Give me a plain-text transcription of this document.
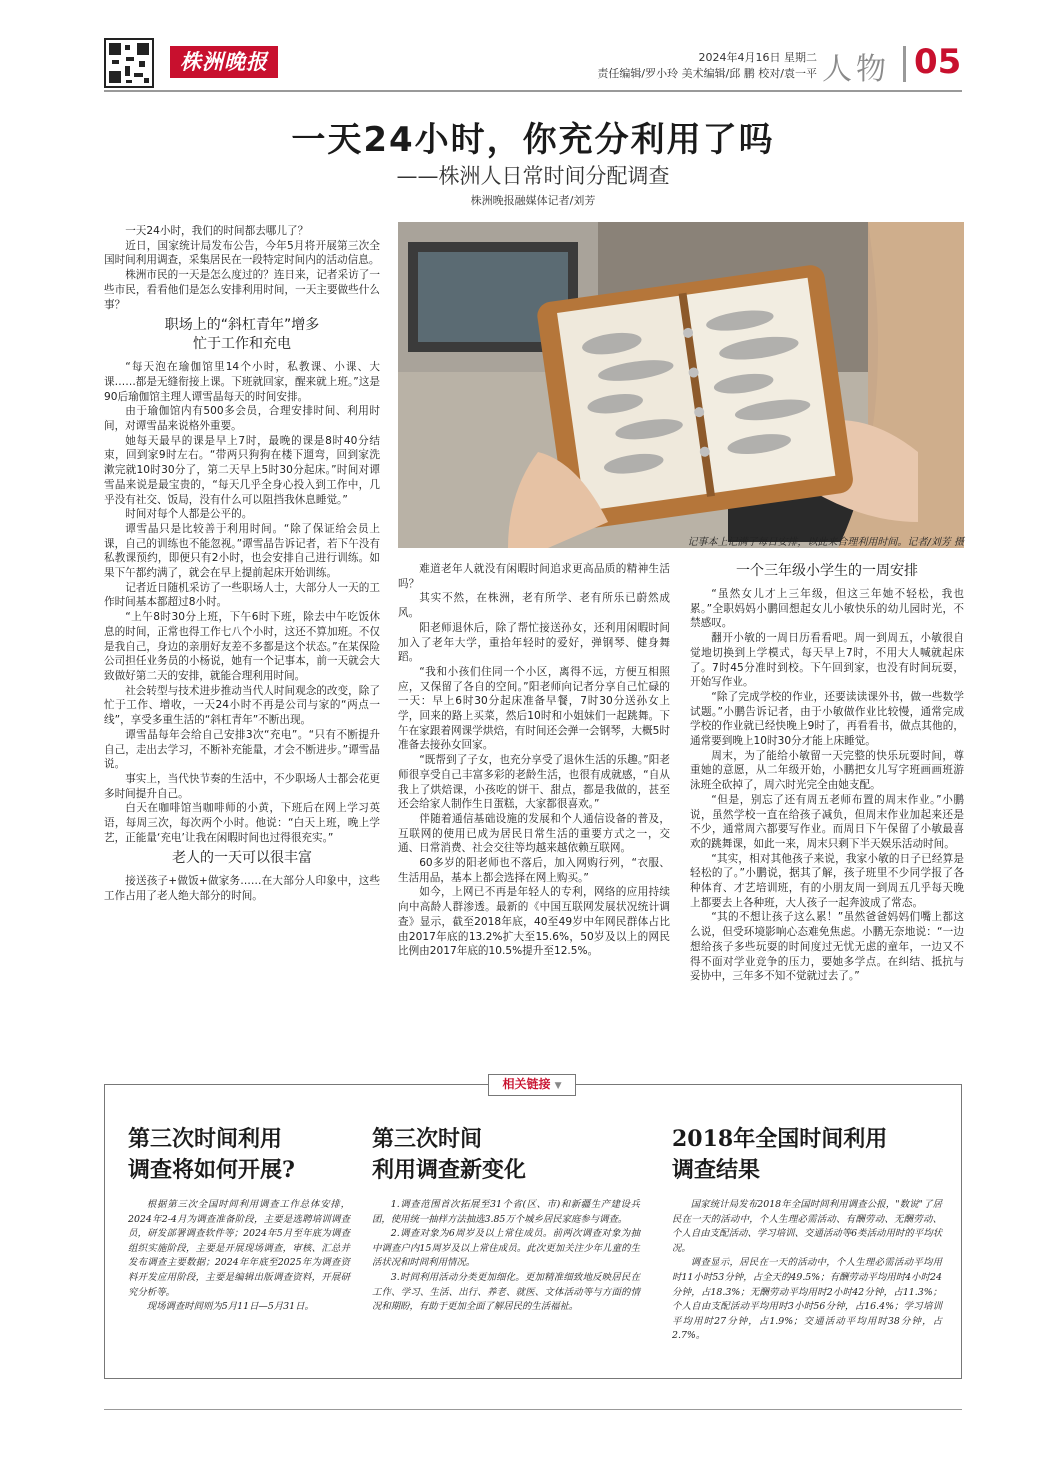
株洲晚报	2024年4月16日 星期二
责任编辑/罗小玲 美术编辑/邱 鹏 校对/袁一平 人物 05
一天24小时，你充分利用了吗
——株洲人日常时间分配调查
株洲晚报融媒体记者/刘芳
记事本上记满了每日安排，以此来合理利用时间。记者/刘芳 摄

一天24小时，我们的时间都去哪儿了？

近日，国家统计局发布公告，今年5月将开展第三次全国时间利用调查，采集居民在一段特定时间内的活动信息。

株洲市民的一天是怎么度过的？连日来，记者采访了一些市民，看看他们是怎么安排利用时间，一天主要做些什么事？

职场上的“斜杠青年”增多
忙于工作和充电

“每天泡在瑜伽馆里14个小时，私教课、小课、大课……都是无缝衔接上课。下班就回家，醒来就上班。”这是90后瑜伽馆主理人谭雪晶每天的时间安排。

由于瑜伽馆内有500多会员，合理安排时间、利用时间，对谭雪晶来说格外重要。

她每天最早的课是早上7时，最晚的课是8时40分结束，回到家9时左右。“带两只狗狗在楼下遛弯，回到家洗漱完就10时30分了，第二天早上5时30分起床。”时间对谭雪晶来说是最宝贵的，“每天几乎全身心投入到工作中，几乎没有社交、饭局，没有什么可以阻挡我休息睡觉。”

时间对每个人都是公平的。

谭雪晶只是比较善于利用时间。“除了保证给会员上课，自己的训练也不能忽视。”谭雪晶告诉记者，若下午没有私教课预约，即便只有2小时，也会安排自己进行训练。如果下午都约满了，就会在早上提前起床开始训练。

记者近日随机采访了一些职场人士，大部分人一天的工作时间基本都超过8小时。

“上午8时30分上班，下午6时下班，除去中午吃饭休息的时间，正常也得工作七八个小时，这还不算加班。不仅是我自己，身边的亲朋好友差不多都是这个状态。”在某保险公司担任业务员的小杨说，她有一个记事本，前一天就会大致做好第二天的安排，就能合理利用时间。

社会转型与技术进步推动当代人时间观念的改变，除了忙于工作、增收，一天24小时不再是公司与家的“两点一线”，享受多重生活的“斜杠青年”不断出现。

谭雪晶每年会给自己安排3次“充电”。“只有不断提升自己，走出去学习，不断补充能量，才会不断进步。”谭雪晶说。

事实上，当代快节奏的生活中，不少职场人士都会花更多时间提升自己。

白天在咖啡馆当咖啡师的小黄，下班后在网上学习英语，每周三次，每次两个小时。他说：“白天上班，晚上学艺，正能量‘充电’让我在闲暇时间也过得很充实。”

老人的一天可以很丰富

接送孩子+做饭+做家务……在大部分人印象中，这些工作占用了老人绝大部分的时间。

难道老年人就没有闲暇时间追求更高品质的精神生活吗？

其实不然，在株洲，老有所学、老有所乐已蔚然成风。

阳老师退休后，除了帮忙接送孙女，还利用闲暇时间加入了老年大学，重拾年轻时的爱好，弹钢琴、健身舞蹈。

“我和小孩们住同一个小区，离得不远，方便互相照应，又保留了各自的空间。”阳老师向记者分享自己忙碌的一天：早上6时30分起床准备早餐，7时30分送孙女上学，回来的路上买菜，然后10时和小姐妹们一起跳舞。下午在家跟着网课学烘焙，有时间还会弹一会钢琴，大概5时准备去接孙女回家。

“既帮到了子女，也充分享受了退休生活的乐趣。”阳老师很享受自己丰富多彩的老龄生活，也很有成就感，“自从我上了烘焙课，小孩吃的饼干、甜点，都是我做的，甚至还会给家人制作生日蛋糕，大家都很喜欢。”

伴随着通信基础设施的发展和个人通信设备的普及，互联网的使用已成为居民日常生活的重要方式之一，交通、日常消费、社会交往等均越来越依赖互联网。

60多岁的阳老师也不落后，加入网购行列，“衣服、生活用品，基本上都会选择在网上购买。”

如今，上网已不再是年轻人的专利，网络的应用持续向中高龄人群渗透。最新的《中国互联网发展状况统计调查》显示，截至2018年底，40至49岁中年网民群体占比由2017年底的13.2%扩大至15.6%，50岁及以上的网民比例由2017年底的10.5%提升至12.5%。

一个三年级小学生的一周安排

“虽然女儿才上三年级，但这三年她不轻松，我也累。”全职妈妈小鹏回想起女儿小敏快乐的幼儿园时光，不禁感叹。

翻开小敏的一周日历看看吧。周一到周五，小敏很自觉地切换到上学模式，每天早上7时，不用大人喊就起床了。7时45分准时到校。下午回到家，也没有时间玩耍，开始写作业。

“除了完成学校的作业，还要读读课外书，做一些数学试题。”小鹏告诉记者，由于小敏做作业比较慢，通常完成学校的作业就已经快晚上9时了，再看看书，做点其他的，通常要到晚上10时30分才能上床睡觉。

周末，为了能给小敏留一天完整的快乐玩耍时间，尊重她的意愿，从二年级开始，小鹏把女儿写字班画画班游泳班全砍掉了，周六时光完全由她支配。

“但是，别忘了还有周五老师布置的周末作业。”小鹏说，虽然学校一直在给孩子减负，但周末作业加起来还是不少，通常周六都要写作业。而周日下午保留了小敏最喜欢的跳舞课，如此一来，周末只剩下半天娱乐活动时间。

“其实，相对其他孩子来说，我家小敏的日子已经算是轻松的了。”小鹏说，据其了解，孩子班里不少同学报了各种体育、才艺培训班，有的小朋友周一到周五几乎每天晚上都要去上各种班，大人孩子一起奔波成了常态。

“其的不想让孩子这么累！”虽然爸爸妈妈们嘴上都这么说，但受环境影响心态难免焦虑。小鹏无奈地说：“一边想给孩子多些玩耍的时间度过无忧无虑的童年，一边又不得不面对学业竞争的压力，要她多学点。在纠结、抵抗与妥协中，三年多不知不觉就过去了。”

相关链接 ▼
第三次时间利用
调查将如何开展?

根据第三次全国时间利用调查工作总体安排，2024年2-4月为调查准备阶段，主要是选聘培训调查员，研发部署调查软件等；2024年5月至年底为调查组织实施阶段，主要是开展现场调查，审核、汇总并发布调查主要数据；2024年年底至2025年为调查资料开发应用阶段，主要是编辑出版调查资料，开展研究分析等。

现场调查时间则为5月11日—5月31日。

第三次时间
利用调查新变化

1.调查范围首次拓展至31个省(区、市)和新疆生产建设兵团，使用统一抽样方法抽选3.85万个城乡居民家庭参与调查。

2.调查对象为6周岁及以上常住成员。前两次调查对象为抽中调查户内15周岁及以上常住成员。此次更加关注少年儿童的生活状况和时间利用情况。

3.时间利用活动分类更加细化。更加精准细致地反映居民在工作、学习、生活、出行、养老、就医、文体活动等与方面的情况和期盼，有助于更加全面了解居民的生活福祉。

2018年全国时间利用
调查结果

国家统计局发布2018年全国时间利用调查公报，"数说"了居民在一天的活动中，个人生理必需活动、有酬劳动、无酬劳动、个人自由支配活动、学习培训、交通活动等6类活动用时的平均状况。

调查显示，居民在一天的活动中，个人生理必需活动平均用时11小时53分钟，占全天的49.5%；有酬劳动平均用时4小时24分钟，占18.3%；无酬劳动平均用时2小时42分钟，占11.3%；个人自由支配活动平均用时3小时56分钟，占16.4%；学习培训平均用时27分钟，占1.9%；交通活动平均用时38分钟，占2.7%。
